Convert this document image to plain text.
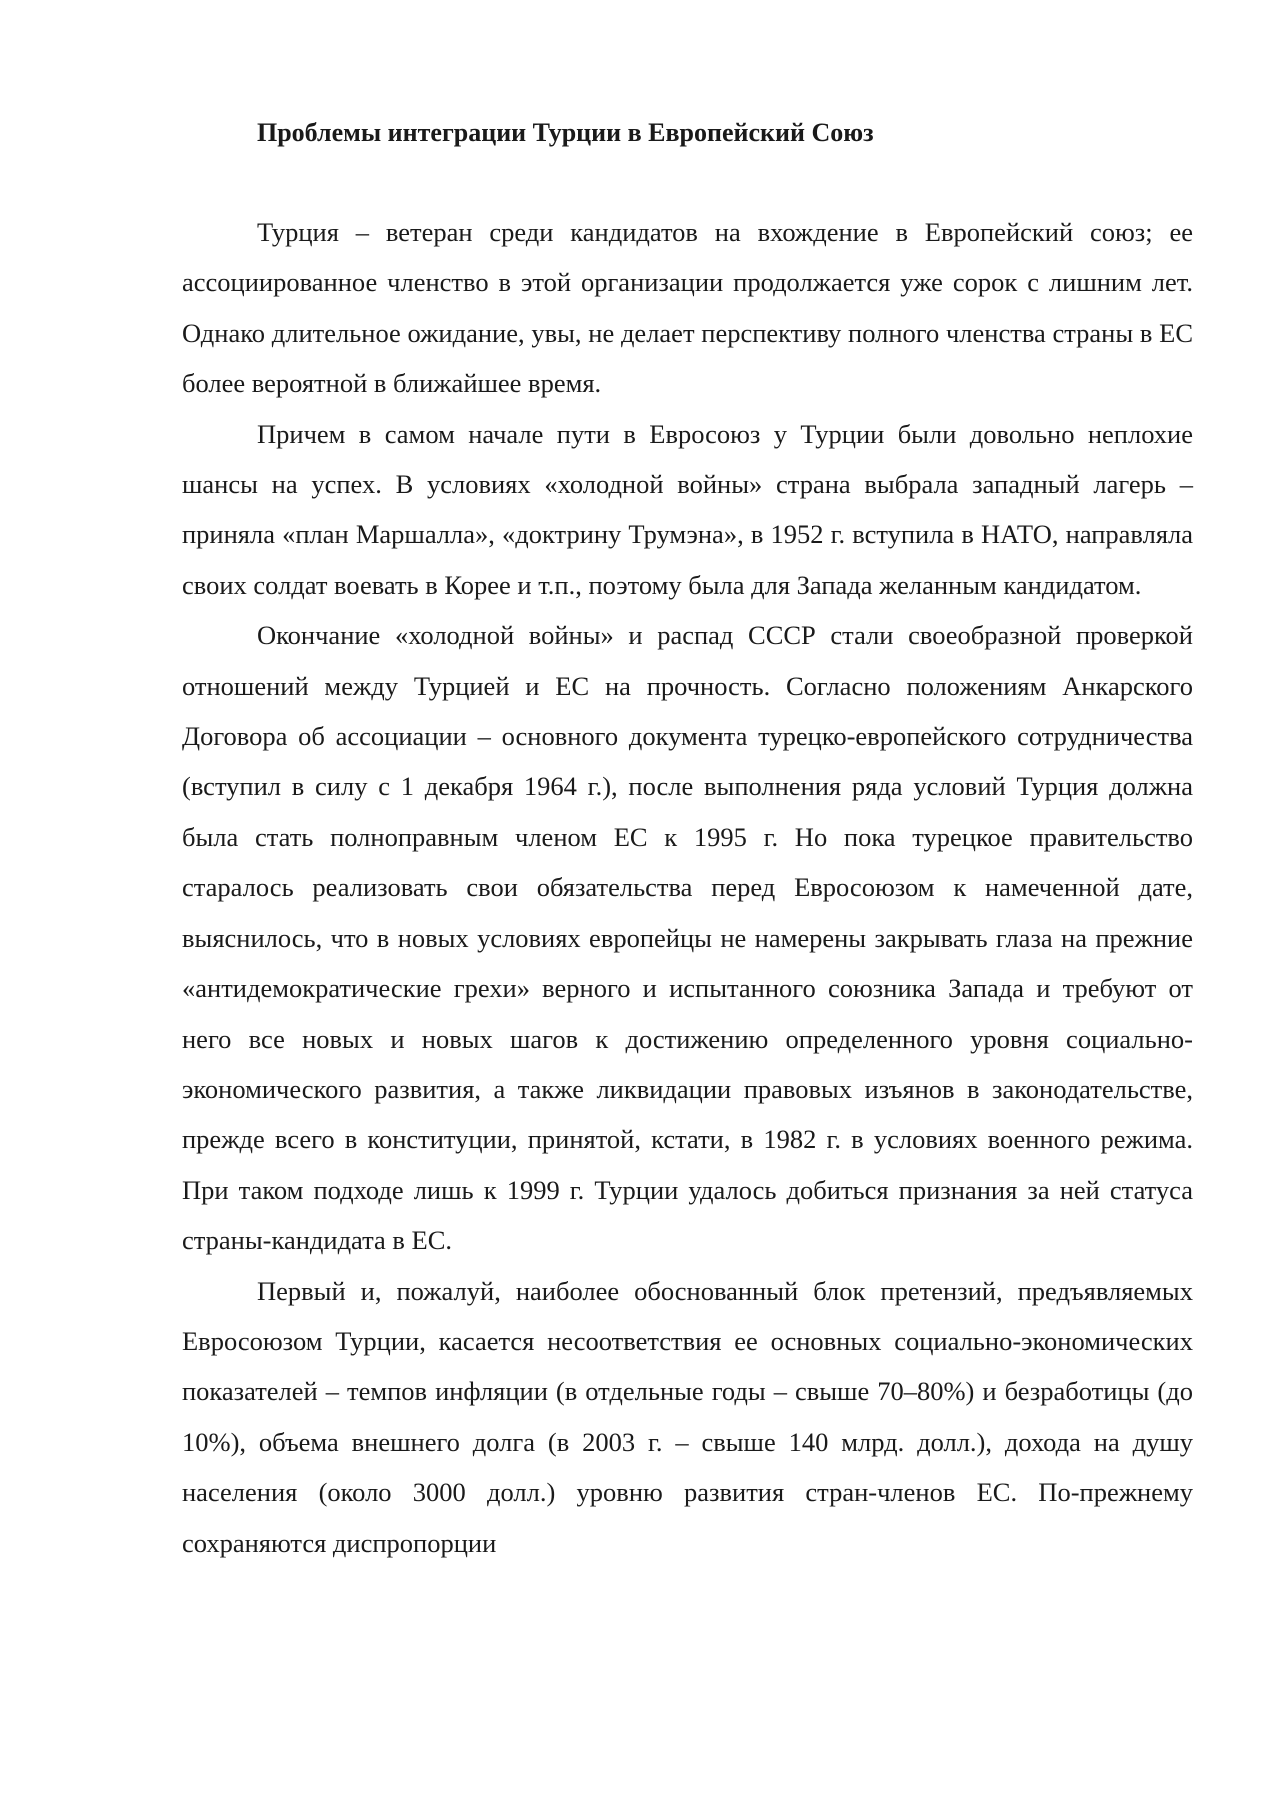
Проблемы интеграции Турции в Европейский Союз

Турция – ветеран среди кандидатов на вхождение в Европейский союз; ее ассоциированное членство в этой организации продолжается уже сорок с лишним лет. Однако длительное ожидание, увы, не делает перспективу полного членства страны в ЕС более вероятной в ближайшее время.

Причем в самом начале пути в Евросоюз у Турции были довольно неплохие шансы на успех. В условиях «холодной войны» страна выбрала западный лагерь – приняла «план Маршалла», «доктрину Трумэна», в 1952 г. вступила в НАТО, направляла своих солдат воевать в Корее и т.п., поэтому была для Запада желанным кандидатом.

Окончание «холодной войны» и распад СССР стали своеобразной проверкой отношений между Турцией и ЕС на прочность. Согласно положениям Анкарского Договора об ассоциации – основного документа турецко-европейского сотрудничества (вступил в силу с 1 декабря 1964 г.), после выполнения ряда условий Турция должна была стать полноправным членом ЕС к 1995 г. Но пока турецкое правительство старалось реализовать свои обязательства перед Евросоюзом к намеченной дате, выяснилось, что в новых условиях европейцы не намерены закрывать глаза на прежние «антидемократические грехи» верного и испытанного союзника Запада и требуют от него все новых и новых шагов к достижению определенного уровня социально-экономического развития, а также ликвидации правовых изъянов в законодательстве, прежде всего в конституции, принятой, кстати, в 1982 г. в условиях военного режима. При таком подходе лишь к 1999 г. Турции удалось добиться признания за ней статуса страны-кандидата в ЕС.

Первый и, пожалуй, наиболее обоснованный блок претензий, предъявляемых Евросоюзом Турции, касается несоответствия ее основных социально-экономических показателей – темпов инфляции (в отдельные годы – свыше 70–80%) и безработицы (до 10%), объема внешнего долга (в 2003 г. – свыше 140 млрд. долл.), дохода на душу населения (около 3000 долл.) уровню развития стран-членов ЕС. По-прежнему сохраняются диспропорции
